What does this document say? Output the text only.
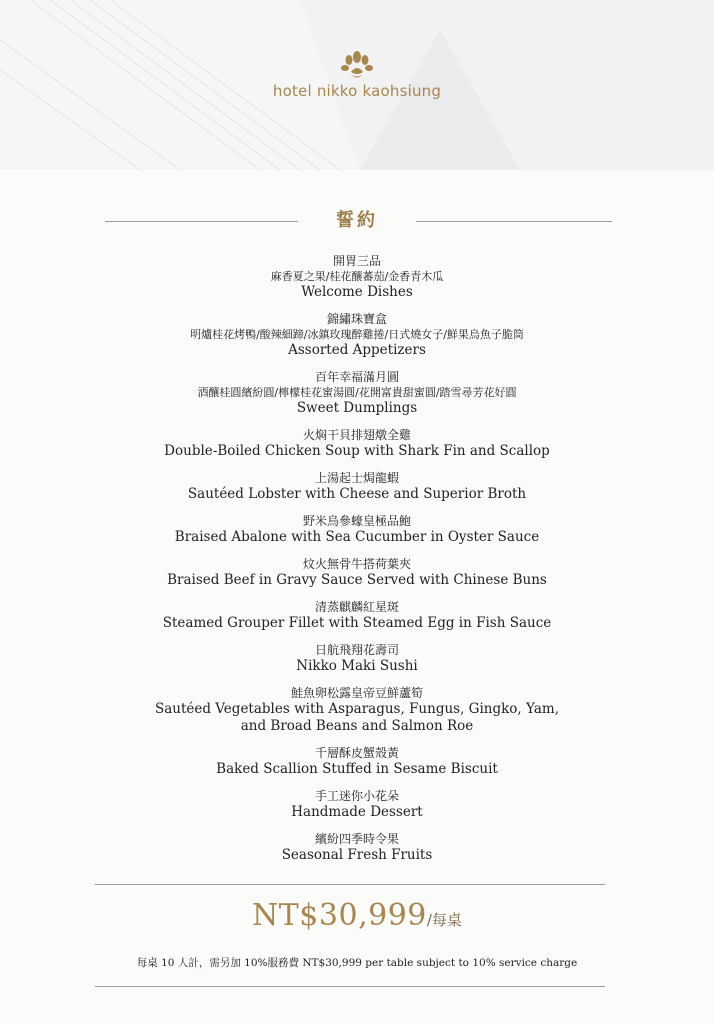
hotel nikko kaohsiung
誓約
開胃三品
麻香夏之果/桂花釀蕃茄/金香青木瓜
Welcome Dishes
錦繡珠寶盒
明爐桂花烤鴨/酸辣細蹄/冰鎮玫瑰醉雞捲/日式燒女子/鮮果烏魚子脆筒
Assorted Appetizers
百年幸福滿月圓
酒釀桂圓繽紛圓/檸檬桂花蜜湯圓/花開富貴甜蜜圓/踏雪尋芳花好圓
Sweet Dumplings
火焖干貝排翅燉全雞
Double-Boiled Chicken Soup with Shark Fin and Scallop
上湯起士焗龍蝦
Sautéed Lobster with Cheese and Superior Broth
野米烏參蠔皇極品鮑
Braised Abalone with Sea Cucumber in Oyster Sauce
炆火無骨牛搭荷葉夾
Braised Beef in Gravy Sauce Served with Chinese Buns
清蒸麒麟紅星斑
Steamed Grouper Fillet with Steamed Egg in Fish Sauce
日航飛翔花壽司
Nikko Maki Sushi
鮭魚卵松露皇帝豆鮮蘆筍
Sautéed Vegetables with Asparagus, Fungus, Gingko, Yam,
and Broad Beans and Salmon Roe
千層酥皮蟹殼黃
Baked Scallion Stuffed in Sesame Biscuit
手工迷你小花朵
Handmade Dessert
繽紛四季時令果
Seasonal Fresh Fruits
NT$30,999/每桌
每桌 10 人計，需另加 10%服務費 NT$30,999 per table subject to 10% service charge
